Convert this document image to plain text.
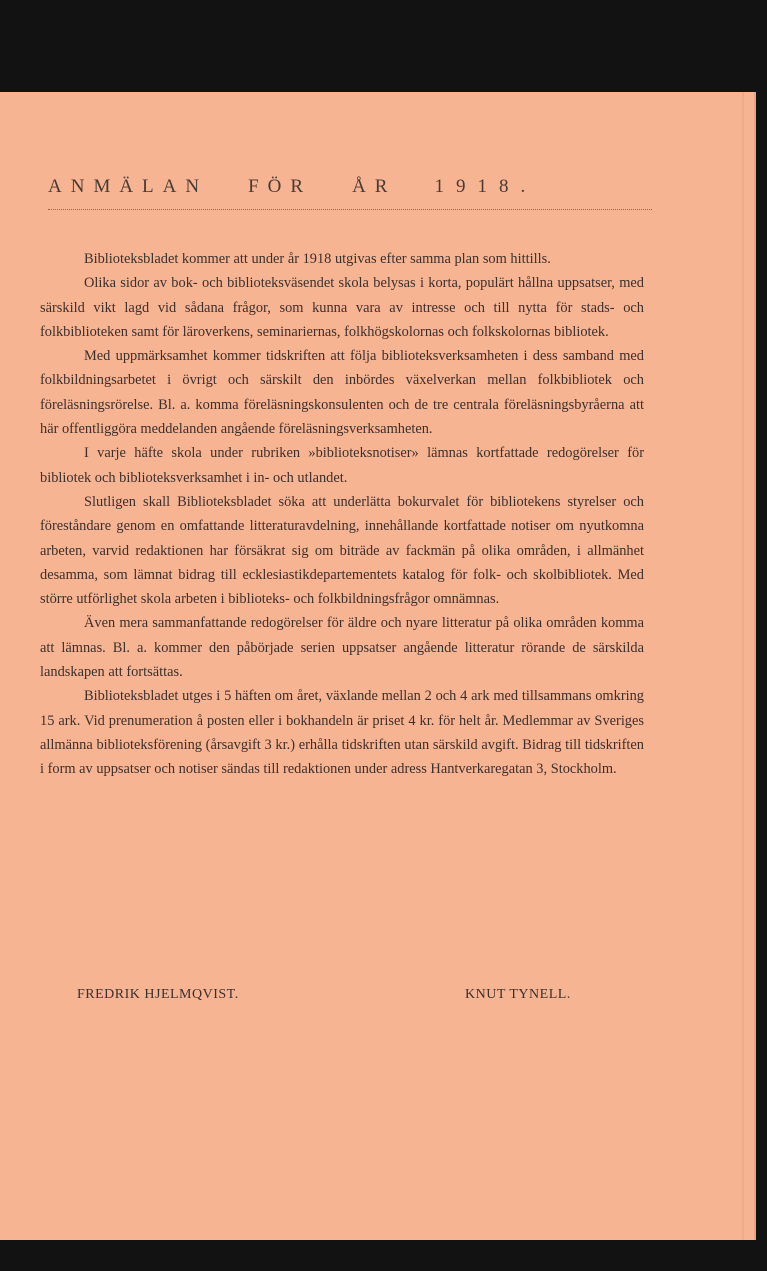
ANMÄLAN FÖR ÅR 1918.

Biblioteksbladet kommer att under år 1918 utgivas efter samma plan som hittills.

Olika sidor av bok- och biblioteksväsendet skola belysas i korta, populärt hållna uppsatser, med särskild vikt lagd vid sådana frågor, som kunna vara av intresse och till nytta för stads- och folkbiblioteken samt för läroverkens, seminariernas, folkhögskolornas och folkskolornas bibliotek.

Med uppmärksamhet kommer tidskriften att följa biblioteksverksamheten i dess samband med folkbildningsarbetet i övrigt och särskilt den inbördes växelverkan mellan folkbibliotek och föreläsningsrörelse. Bl. a. komma föreläsningskonsulenten och de tre centrala föreläsningsbyråerna att här offentliggöra meddelanden angående föreläsningsverksamheten.

I varje häfte skola under rubriken »biblioteksnotiser» lämnas kortfattade redogörelser för bibliotek och biblioteksverksamhet i in- och utlandet.

Slutligen skall Biblioteksbladet söka att underlätta bokurvalet för bibliotekens styrelser och föreståndare genom en omfattande litteraturavdelning, innehållande kortfattade notiser om nyutkomna arbeten, varvid redaktionen har försäkrat sig om biträde av fackmän på olika områden, i allmänhet desamma, som lämnat bidrag till ecklesiastikdepartementets katalog för folk- och skolbibliotek. Med större utförlighet skola arbeten i biblioteks- och folkbildningsfrågor omnämnas.

Även mera sammanfattande redogörelser för äldre och nyare litteratur på olika områden komma att lämnas. Bl. a. kommer den påbörjade serien uppsatser angående litteratur rörande de särskilda landskapen att fortsättas.

Biblioteksbladet utges i 5 häften om året, växlande mellan 2 och 4 ark med tillsammans omkring 15 ark. Vid prenumeration å posten eller i bokhandeln är priset 4 kr. för helt år. Medlemmar av Sveriges allmänna biblioteksförening (årsavgift 3 kr.) erhålla tidskriften utan särskild avgift. Bidrag till tidskriften i form av uppsatser och notiser sändas till redaktionen under adress Hantverkaregatan 3, Stockholm.

FREDRIK HJELMQVIST.	KNUT TYNELL.
